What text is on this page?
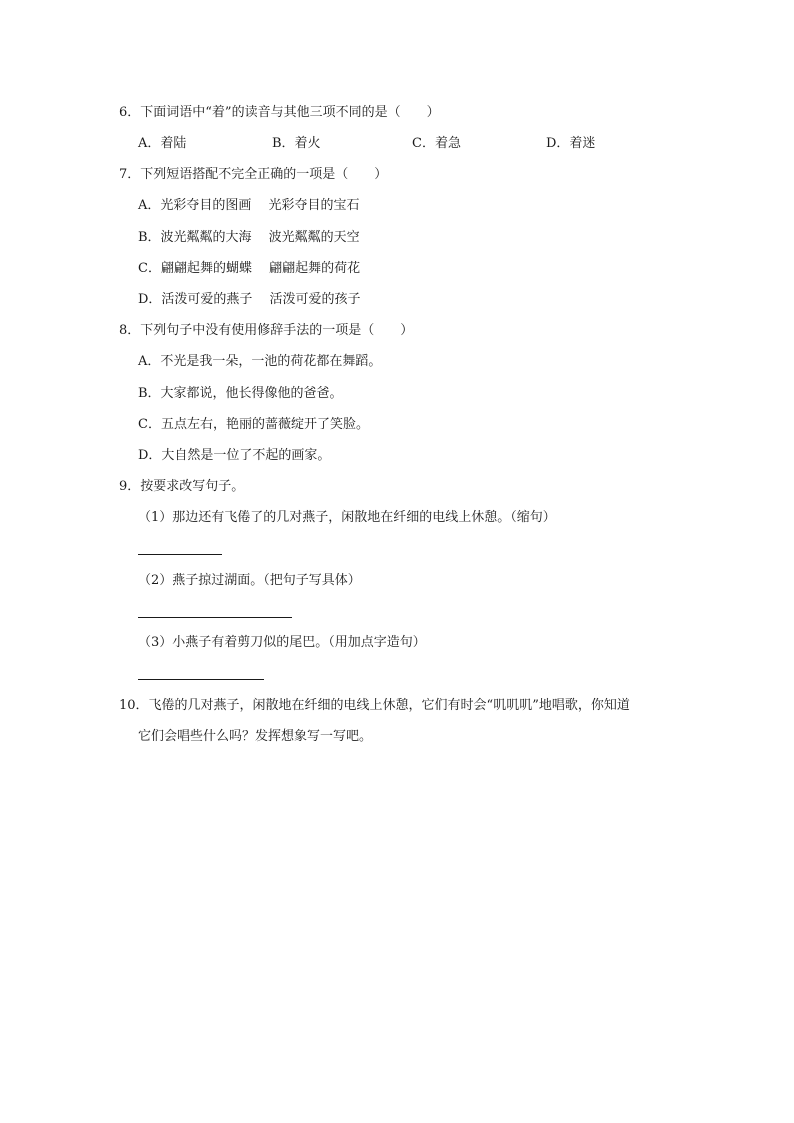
6．下面词语中“着”的读音与其他三项不同的是（　　）
A．着陆	B．着火	C．着急	D．着迷
7．下列短语搭配不完全正确的一项是（　　）
A．光彩夺目的图画　 光彩夺目的宝石
B．波光粼粼的大海　 波光粼粼的天空
C．翩翩起舞的蝴蝶　 翩翩起舞的荷花
D．活泼可爱的燕子　 活泼可爱的孩子
8．下列句子中没有使用修辞手法的一项是（　　）
A．不光是我一朵，一池的荷花都在舞蹈。
B．大家都说，他长得像他的爸爸。
C．五点左右，艳丽的蔷薇绽开了笑脸。
D．大自然是一位了不起的画家。
9．按要求改写句子。
（1）那边还有飞倦了的几对燕子，闲散地在纤细的电线上休憩。（缩句）
（2）燕子掠过湖面。（把句子写具体）
（3）小燕子有着剪刀似的尾巴。（用加点字造句）
10．飞倦的几对燕子，闲散地在纤细的电线上休憩，它们有时会“叽叽叽”地唱歌，你知道
它们会唱些什么吗？发挥想象写一写吧。
